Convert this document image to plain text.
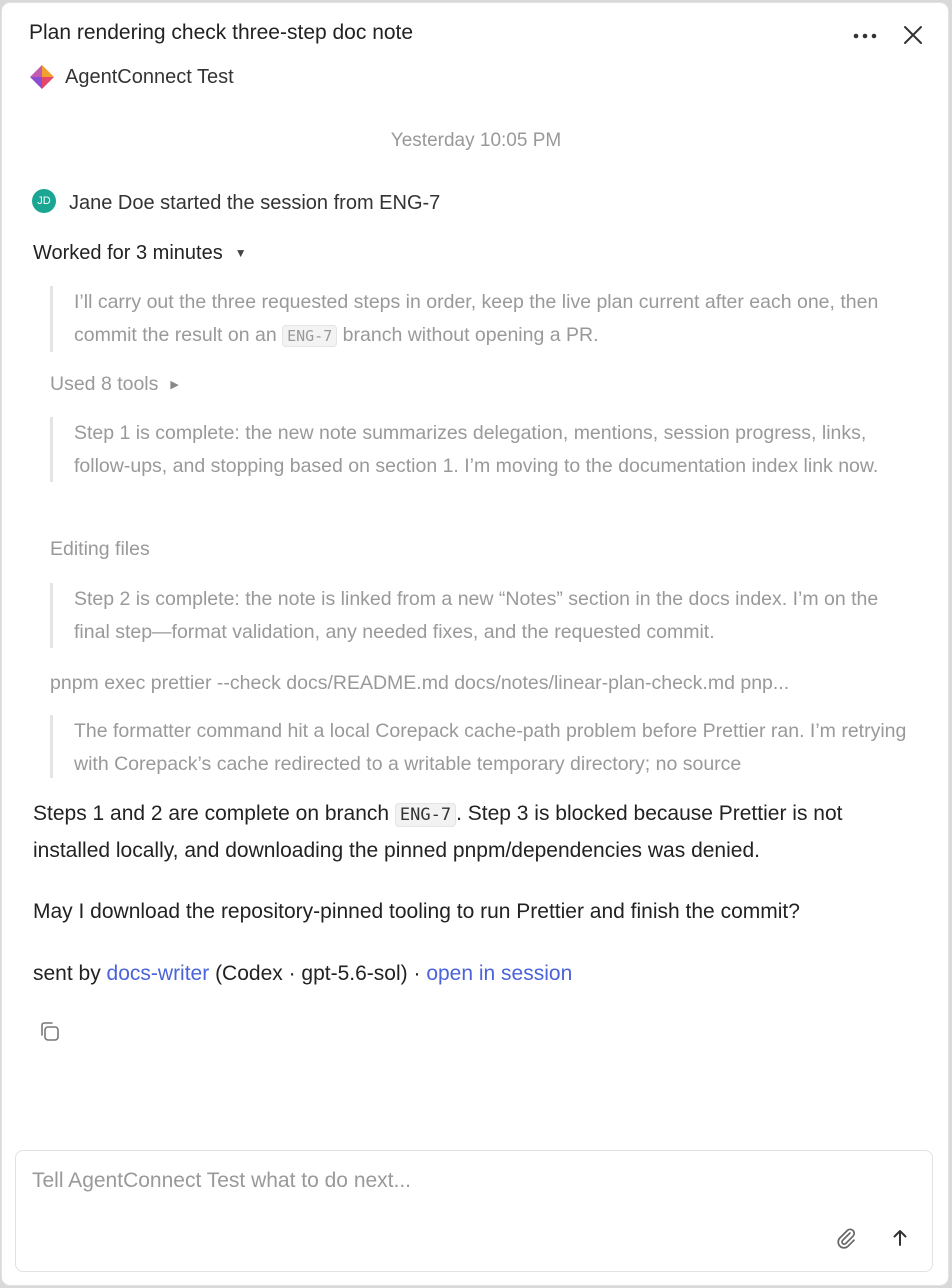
Plan rendering check three-step doc note
AgentConnect Test
Yesterday 10:05 PM
JD Jane Doe started the session from ENG-7
Worked for 3 minutes ▼
I’ll carry out the three requested steps in order, keep the live plan current after each one, then commit the result on an ENG-7 branch without opening a PR.
Used 8 tools ▶
Step 1 is complete: the new note summarizes delegation, mentions, session progress, links, follow-ups, and stopping based on section 1. I’m moving to the documentation index link now.
Editing files
Step 2 is complete: the note is linked from a new “Notes” section in the docs index. I’m on the final step—format validation, any needed fixes, and the requested commit.
pnpm exec prettier --check docs/README.md docs/notes/linear-plan-check.md pnp...
The formatter command hit a local Corepack cache-path problem before Prettier ran. I’m retrying with Corepack’s cache redirected to a writable temporary directory; no source
Steps 1 and 2 are complete on branch ENG-7 . Step 3 is blocked because Prettier is not installed locally, and downloading the pinned pnpm/dependencies was denied.
May I download the repository-pinned tooling to run Prettier and finish the commit?
sent by docs-writer (Codex · gpt-5.6-sol) · open in session
Tell AgentConnect Test what to do next...
